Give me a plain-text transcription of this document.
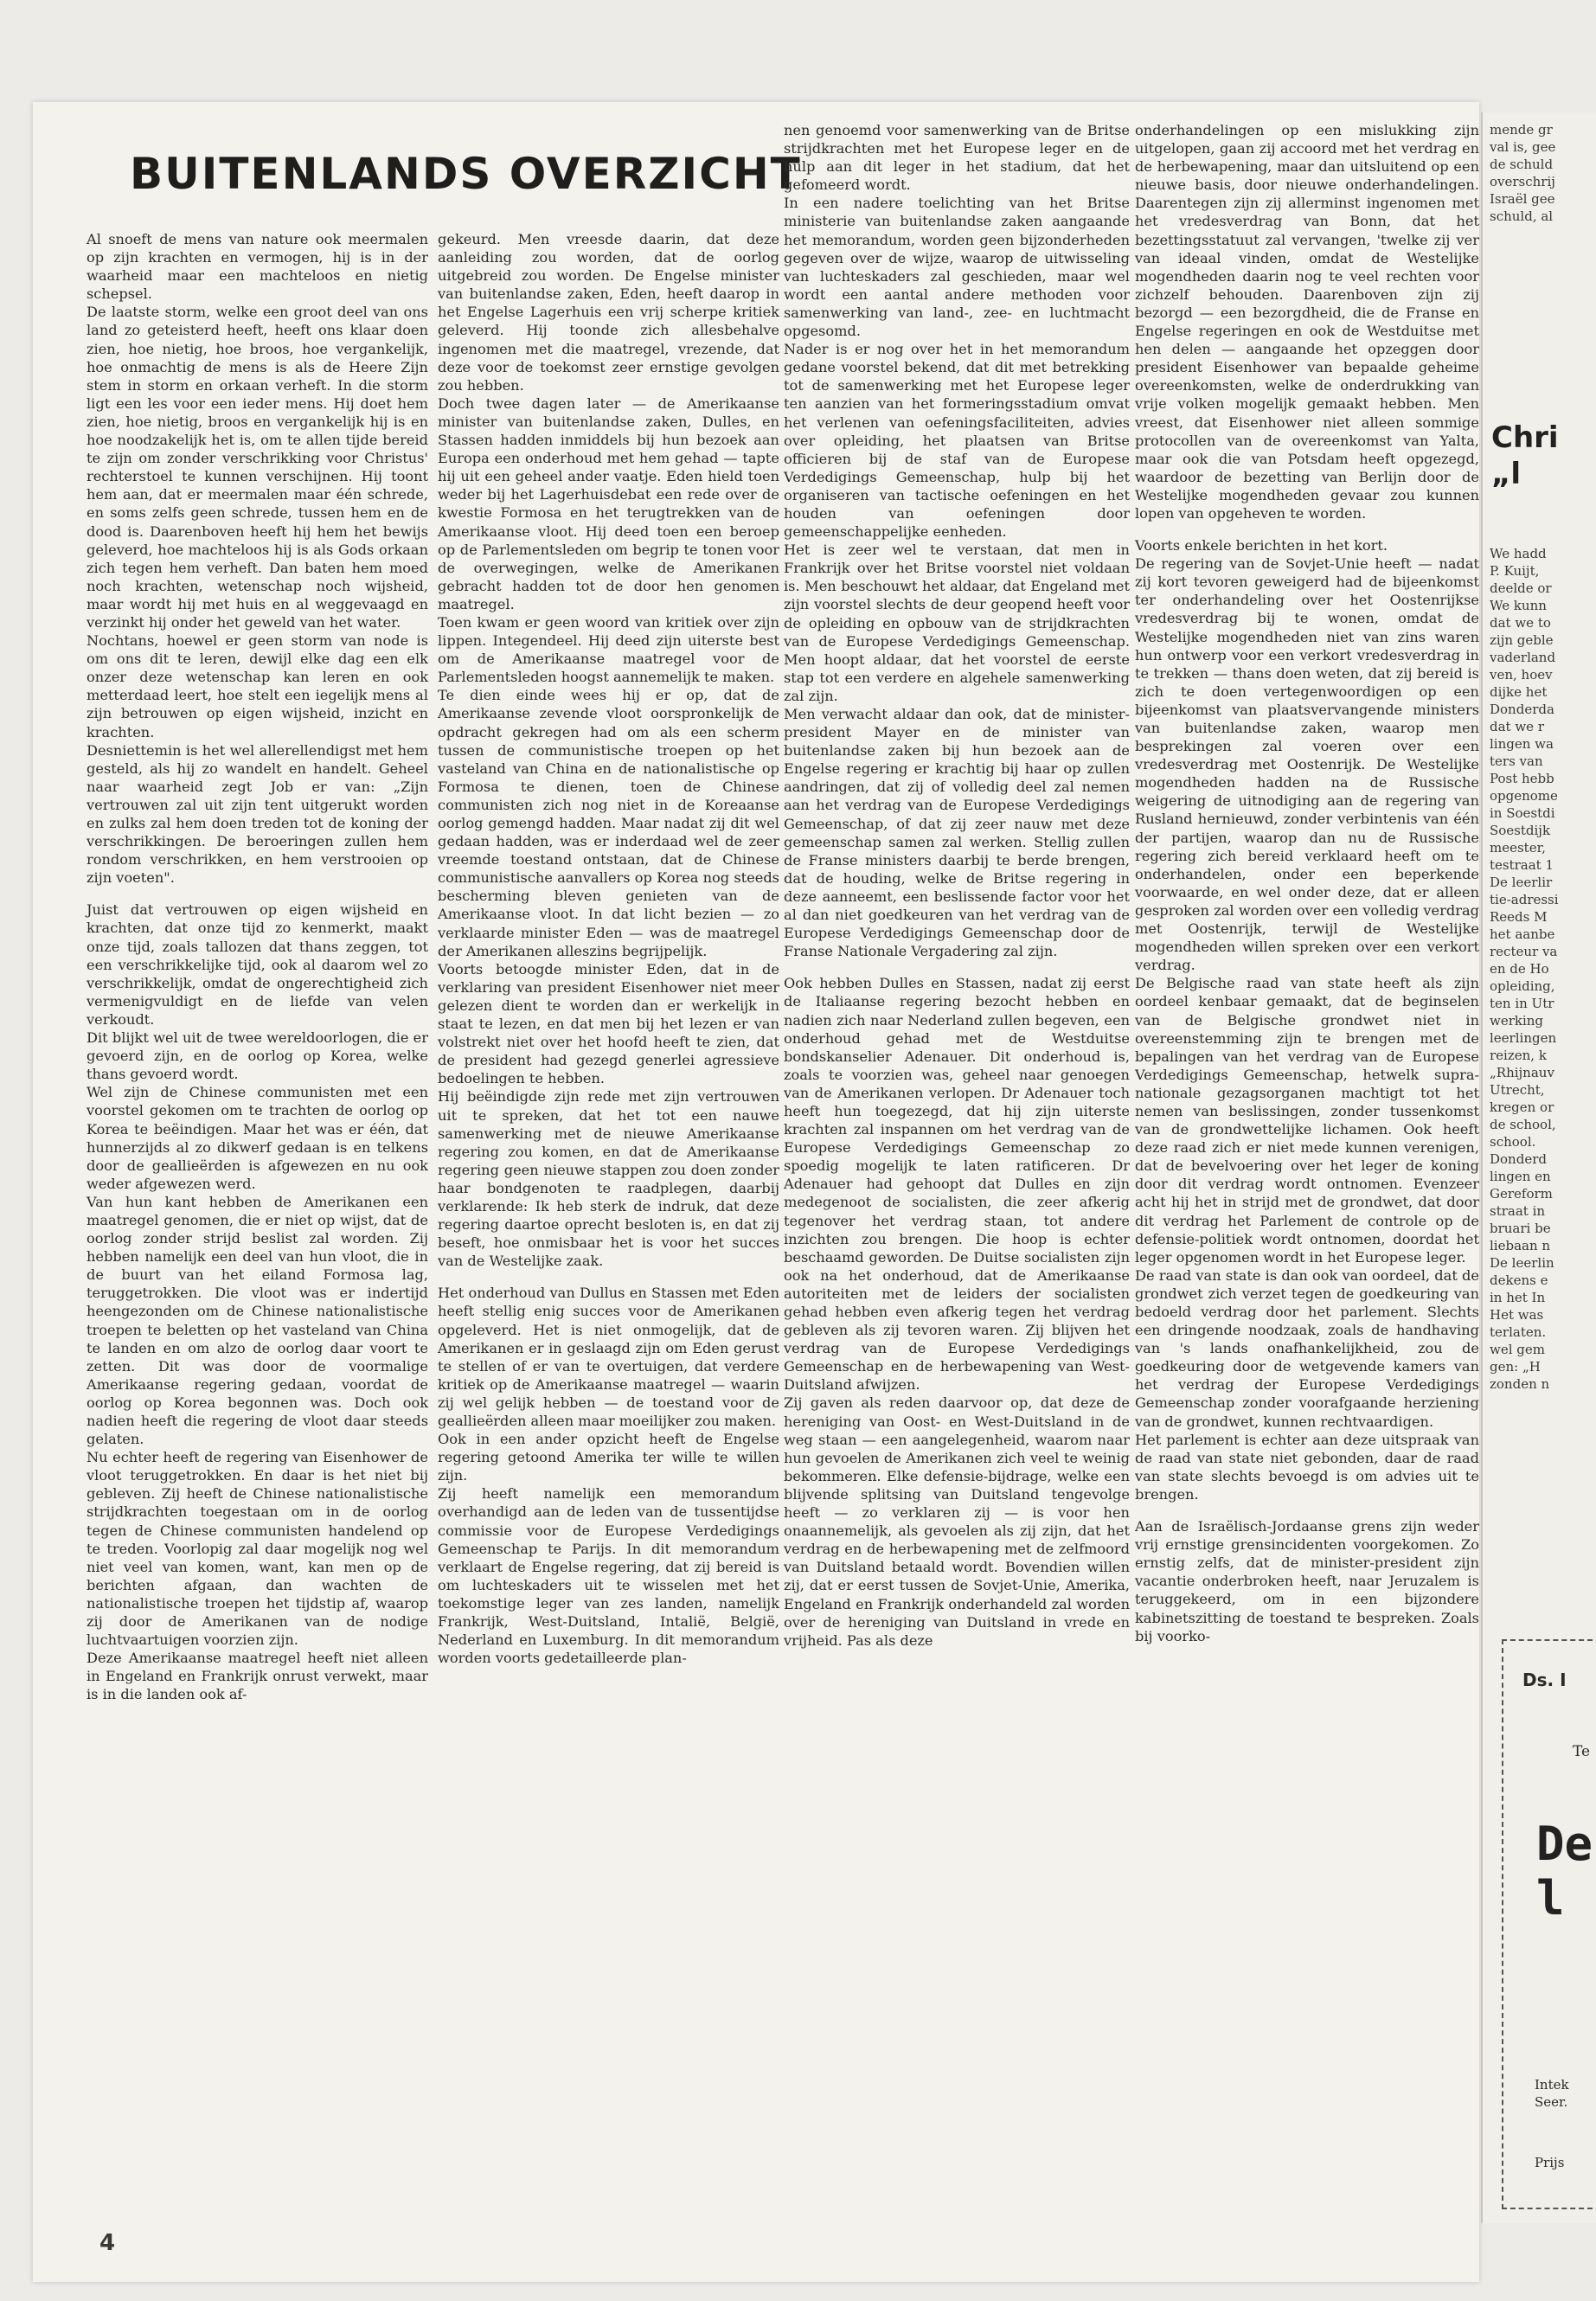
BUITENLANDS OVERZICHT

Al snoeft de mens van nature ook meermalen op zijn krachten en vermogen, hij is in der waarheid maar een machteloos en nietig schepsel.

De laatste storm, welke een groot deel van ons land zo geteisterd heeft, heeft ons klaar doen zien, hoe nietig, hoe broos, hoe vergankelijk, hoe onmachtig de mens is als de Heere Zijn stem in storm en orkaan verheft. In die storm ligt een les voor een ieder mens. Hij doet hem zien, hoe nietig, broos en vergankelijk hij is en hoe noodzakelijk het is, om te allen tijde bereid te zijn om zonder verschrikking voor Christus' rechterstoel te kunnen verschijnen. Hij toont hem aan, dat er meermalen maar één schrede, en soms zelfs geen schrede, tussen hem en de dood is. Daarenboven heeft hij hem het bewijs geleverd, hoe machteloos hij is als Gods orkaan zich tegen hem verheft. Dan baten hem moed noch krachten, wetenschap noch wijsheid, maar wordt hij met huis en al weggevaagd en verzinkt hij onder het geweld van het water.

Nochtans, hoewel er geen storm van node is om ons dit te leren, dewijl elke dag een elk onzer deze wetenschap kan leren en ook metterdaad leert, hoe stelt een iegelijk mens al zijn betrouwen op eigen wijsheid, inzicht en krachten.

Desniettemin is het wel allerellendigst met hem gesteld, als hij zo wandelt en handelt. Geheel naar waarheid zegt Job er van: „Zijn vertrouwen zal uit zijn tent uitgerukt worden en zulks zal hem doen treden tot de koning der verschrikkingen. De beroeringen zullen hem rondom verschrikken, en hem verstrooien op zijn voeten".

Juist dat vertrouwen op eigen wijsheid en krachten, dat onze tijd zo kenmerkt, maakt onze tijd, zoals tallozen dat thans zeggen, tot een verschrikkelijke tijd, ook al daarom wel zo verschrikkelijk, omdat de ongerechtigheid zich vermenigvuldigt en de liefde van velen verkoudt.

Dit blijkt wel uit de twee wereldoorlogen, die er gevoerd zijn, en de oorlog op Korea, welke thans gevoerd wordt.

Wel zijn de Chinese communisten met een voorstel gekomen om te trachten de oorlog op Korea te beëindigen. Maar het was er één, dat hunnerzijds al zo dikwerf gedaan is en telkens door de geallieërden is afgewezen en nu ook weder afgewezen werd.

Van hun kant hebben de Amerikanen een maatregel genomen, die er niet op wijst, dat de oorlog zonder strijd beslist zal worden. Zij hebben namelijk een deel van hun vloot, die in de buurt van het eiland Formosa lag, teruggetrokken. Die vloot was er indertijd heengezonden om de Chinese nationalistische troepen te beletten op het vasteland van China te landen en om alzo de oorlog daar voort te zetten. Dit was door de voormalige Amerikaanse regering gedaan, voordat de oorlog op Korea begonnen was. Doch ook nadien heeft die regering de vloot daar steeds gelaten.

Nu echter heeft de regering van Eisenhower de vloot teruggetrokken. En daar is het niet bij gebleven. Zij heeft de Chinese nationalistische strijdkrachten toegestaan om in de oorlog tegen de Chinese communisten handelend op te treden. Voorlopig zal daar mogelijk nog wel niet veel van komen, want, kan men op de berichten afgaan, dan wachten de nationalistische troepen het tijdstip af, waarop zij door de Amerikanen van de nodige luchtvaartuigen voorzien zijn.

Deze Amerikaanse maatregel heeft niet alleen in Engeland en Frankrijk onrust verwekt, maar is in die landen ook af-

gekeurd. Men vreesde daarin, dat deze aanleiding zou worden, dat de oorlog uitgebreid zou worden. De Engelse minister van buitenlandse zaken, Eden, heeft daarop in het Engelse Lagerhuis een vrij scherpe kritiek geleverd. Hij toonde zich allesbehalve ingenomen met die maatregel, vrezende, dat deze voor de toekomst zeer ernstige gevolgen zou hebben.

Doch twee dagen later — de Amerikaanse minister van buitenlandse zaken, Dulles, en Stassen hadden inmiddels bij hun bezoek aan Europa een onderhoud met hem gehad — tapte hij uit een geheel ander vaatje. Eden hield toen weder bij het Lagerhuisdebat een rede over de kwestie Formosa en het terugtrekken van de Amerikaanse vloot. Hij deed toen een beroep op de Parlementsleden om begrip te tonen voor de overwegingen, welke de Amerikanen gebracht hadden tot de door hen genomen maatregel.

Toen kwam er geen woord van kritiek over zijn lippen. Integendeel. Hij deed zijn uiterste best om de Amerikaanse maatregel voor de Parlementsleden hoogst aannemelijk te maken.

Te dien einde wees hij er op, dat de Amerikaanse zevende vloot oorspronkelijk de opdracht gekregen had om als een scherm tussen de communistische troepen op het vasteland van China en de nationalistische op Formosa te dienen, toen de Chinese communisten zich nog niet in de Koreaanse oorlog gemengd hadden. Maar nadat zij dit wel gedaan hadden, was er inderdaad wel de zeer vreemde toestand ontstaan, dat de Chinese communistische aanvallers op Korea nog steeds bescherming bleven genieten van de Amerikaanse vloot. In dat licht bezien — zo verklaarde minister Eden — was de maatregel der Amerikanen alleszins begrijpelijk.

Voorts betoogde minister Eden, dat in de verklaring van president Eisenhower niet meer gelezen dient te worden dan er werkelijk in staat te lezen, en dat men bij het lezen er van volstrekt niet over het hoofd heeft te zien, dat de president had gezegd generlei agressieve bedoelingen te hebben.

Hij beëindigde zijn rede met zijn vertrouwen uit te spreken, dat het tot een nauwe samenwerking met de nieuwe Amerikaanse regering zou komen, en dat de Amerikaanse regering geen nieuwe stappen zou doen zonder haar bondgenoten te raadplegen, daarbij verklarende: Ik heb sterk de indruk, dat deze regering daartoe oprecht besloten is, en dat zij beseft, hoe onmisbaar het is voor het succes van de Westelijke zaak.

Het onderhoud van Dullus en Stassen met Eden heeft stellig enig succes voor de Amerikanen opgeleverd. Het is niet onmogelijk, dat de Amerikanen er in geslaagd zijn om Eden gerust te stellen of er van te overtuigen, dat verdere kritiek op de Amerikaanse maatregel — waarin zij wel gelijk hebben — de toestand voor de geallieërden alleen maar moeilijker zou maken.

Ook in een ander opzicht heeft de Engelse regering getoond Amerika ter wille te willen zijn.

Zij heeft namelijk een memorandum overhandigd aan de leden van de tussentijdse commissie voor de Europese Verdedigings Gemeenschap te Parijs. In dit memorandum verklaart de Engelse regering, dat zij bereid is om luchteskaders uit te wisselen met het toekomstige leger van zes landen, namelijk Frankrijk, West-Duitsland, Intalië, België, Nederland en Luxemburg. In dit memorandum worden voorts gedetailleerde plan-

nen genoemd voor samenwerking van de Britse strijdkrachten met het Europese leger en de hulp aan dit leger in het stadium, dat het gefomeerd wordt.

In een nadere toelichting van het Britse ministerie van buitenlandse zaken aangaande het memorandum, worden geen bijzonderheden gegeven over de wijze, waarop de uitwisseling van luchteskaders zal geschieden, maar wel wordt een aantal andere methoden voor samenwerking van land-, zee- en luchtmacht opgesomd.

Nader is er nog over het in het memorandum gedane voorstel bekend, dat dit met betrekking tot de samenwerking met het Europese leger ten aanzien van het formeringsstadium omvat het verlenen van oefeningsfaciliteiten, advies over opleiding, het plaatsen van Britse officieren bij de staf van de Europese Verdedigings Gemeenschap, hulp bij het organiseren van tactische oefeningen en het houden van oefeningen door gemeenschappelijke eenheden.

Het is zeer wel te verstaan, dat men in Frankrijk over het Britse voorstel niet voldaan is. Men beschouwt het aldaar, dat Engeland met zijn voorstel slechts de deur geopend heeft voor de opleiding en opbouw van de strijdkrachten van de Europese Verdedigings Gemeenschap. Men hoopt aldaar, dat het voorstel de eerste stap tot een verdere en algehele samenwerking zal zijn.

Men verwacht aldaar dan ook, dat de minister-president Mayer en de minister van buitenlandse zaken bij hun bezoek aan de Engelse regering er krachtig bij haar op zullen aandringen, dat zij of volledig deel zal nemen aan het verdrag van de Europese Verdedigings Gemeenschap, of dat zij zeer nauw met deze gemeenschap samen zal werken. Stellig zullen de Franse ministers daarbij te berde brengen, dat de houding, welke de Britse regering in deze aanneemt, een beslissende factor voor het al dan niet goedkeuren van het verdrag van de Europese Verdedigings Gemeenschap door de Franse Nationale Vergadering zal zijn.

Ook hebben Dulles en Stassen, nadat zij eerst de Italiaanse regering bezocht hebben en nadien zich naar Nederland zullen begeven, een onderhoud gehad met de Westduitse bondskanselier Adenauer. Dit onderhoud is, zoals te voorzien was, geheel naar genoegen van de Amerikanen verlopen. Dr Adenauer toch heeft hun toegezegd, dat hij zijn uiterste krachten zal inspannen om het verdrag van de Europese Verdedigings Gemeenschap zo spoedig mogelijk te laten ratificeren. Dr Adenauer had gehoopt dat Dulles en zijn medegenoot de socialisten, die zeer afkerig tegenover het verdrag staan, tot andere inzichten zou brengen. Die hoop is echter beschaamd geworden. De Duitse socialisten zijn ook na het onderhoud, dat de Amerikaanse autoriteiten met de leiders der socialisten gehad hebben even afkerig tegen het verdrag gebleven als zij tevoren waren. Zij blijven het verdrag van de Europese Verdedigings Gemeenschap en de herbewapening van West-Duitsland afwijzen.

Zij gaven als reden daarvoor op, dat deze de hereniging van Oost- en West-Duitsland in de weg staan — een aangelegenheid, waarom naar hun gevoelen de Amerikanen zich veel te weinig bekommeren. Elke defensie-bijdrage, welke een blijvende splitsing van Duitsland tengevolge heeft — zo verklaren zij — is voor hen onaannemelijk, als gevoelen als zij zijn, dat het verdrag en de herbewapening met de zelfmoord van Duitsland betaald wordt. Bovendien willen zij, dat er eerst tussen de Sovjet-Unie, Amerika, Engeland en Frankrijk onderhandeld zal worden over de hereniging van Duitsland in vrede en vrijheid. Pas als deze

onderhandelingen op een mislukking zijn uitgelopen, gaan zij accoord met het verdrag en de herbewapening, maar dan uitsluitend op een nieuwe basis, door nieuwe onderhandelingen. Daarentegen zijn zij allerminst ingenomen met het vredesverdrag van Bonn, dat het bezettingsstatuut zal vervangen, 'twelke zij ver van ideaal vinden, omdat de Westelijke mogendheden daarin nog te veel rechten voor zichzelf behouden. Daarenboven zijn zij bezorgd — een bezorgdheid, die de Franse en Engelse regeringen en ook de Westduitse met hen delen — aangaande het opzeggen door president Eisenhower van bepaalde geheime overeenkomsten, welke de onderdrukking van vrije volken mogelijk gemaakt hebben. Men vreest, dat Eisenhower niet alleen sommige protocollen van de overeenkomst van Yalta, maar ook die van Potsdam heeft opgezegd, waardoor de bezetting van Berlijn door de Westelijke mogendheden gevaar zou kunnen lopen van opgeheven te worden.

Voorts enkele berichten in het kort.

De regering van de Sovjet-Unie heeft — nadat zij kort tevoren geweigerd had de bijeenkomst ter onderhandeling over het Oostenrijkse vredesverdrag bij te wonen, omdat de Westelijke mogendheden niet van zins waren hun ontwerp voor een verkort vredesverdrag in te trekken — thans doen weten, dat zij bereid is zich te doen vertegenwoordigen op een bijeenkomst van plaatsvervangende ministers van buitenlandse zaken, waarop men besprekingen zal voeren over een vredesverdrag met Oostenrijk. De Westelijke mogendheden hadden na de Russische weigering de uitnodiging aan de regering van Rusland hernieuwd, zonder verbintenis van één der partijen, waarop dan nu de Russische regering zich bereid verklaard heeft om te onderhandelen, onder een beperkende voorwaarde, en wel onder deze, dat er alleen gesproken zal worden over een volledig verdrag met Oostenrijk, terwijl de Westelijke mogendheden willen spreken over een verkort verdrag.

De Belgische raad van state heeft als zijn oordeel kenbaar gemaakt, dat de beginselen van de Belgische grondwet niet in overeenstemming zijn te brengen met de bepalingen van het verdrag van de Europese Verdedigings Gemeenschap, hetwelk supra-nationale gezagsorganen machtigt tot het nemen van beslissingen, zonder tussenkomst van de grondwettelijke lichamen. Ook heeft deze raad zich er niet mede kunnen verenigen, dat de bevelvoering over het leger de koning door dit verdrag wordt ontnomen. Evenzeer acht hij het in strijd met de grondwet, dat door dit verdrag het Parlement de controle op de defensie-politiek wordt ontnomen, doordat het leger opgenomen wordt in het Europese leger.

De raad van state is dan ook van oordeel, dat de grondwet zich verzet tegen de goedkeuring van bedoeld verdrag door het parlement. Slechts een dringende noodzaak, zoals de handhaving van 's lands onafhankelijkheid, zou de goedkeuring door de wetgevende kamers van het verdrag der Europese Verdedigings Gemeenschap zonder voorafgaande herziening van de grondwet, kunnen rechtvaardigen.

Het parlement is echter aan deze uitspraak van de raad van state niet gebonden, daar de raad van state slechts bevoegd is om advies uit te brengen.

Aan de Israëlisch-Jordaanse grens zijn weder vrij ernstige grensincidenten voorgekomen. Zo ernstig zelfs, dat de minister-president zijn vacantie onderbroken heeft, naar Jeruzalem is teruggekeerd, om in een bijzondere kabinetszitting de toestand te bespreken. Zoals bij voorko-

4
mende gr
val is, gee
de schuld
overschrij
Israël gee
schuld, al
Chri
„l
We hadd
P. Kuijt,
deelde or
We kunn
dat we to
zijn geble
vaderland
ven, hoev
dijke het
Donderda
dat we r
lingen wa
ters van
Post hebb
opgenome
in Soestdi
Soestdijk
meester,
testraat 1
De leerlir
tie-adressi
Reeds M
het aanbe
recteur va
en de Ho
opleiding,
ten in Utr
werking
leerlingen
reizen, k
„Rhijnauv
Utrecht,
kregen or
de school,
school.
Donderd
lingen en
Gereform
straat in
bruari be
liebaan n
De leerlin
dekens e
in het In
Het was
terlaten.
wel gem
gen: „H
zonden n
Ds. I
Te
De l
Intek
Seer.
Prijs
